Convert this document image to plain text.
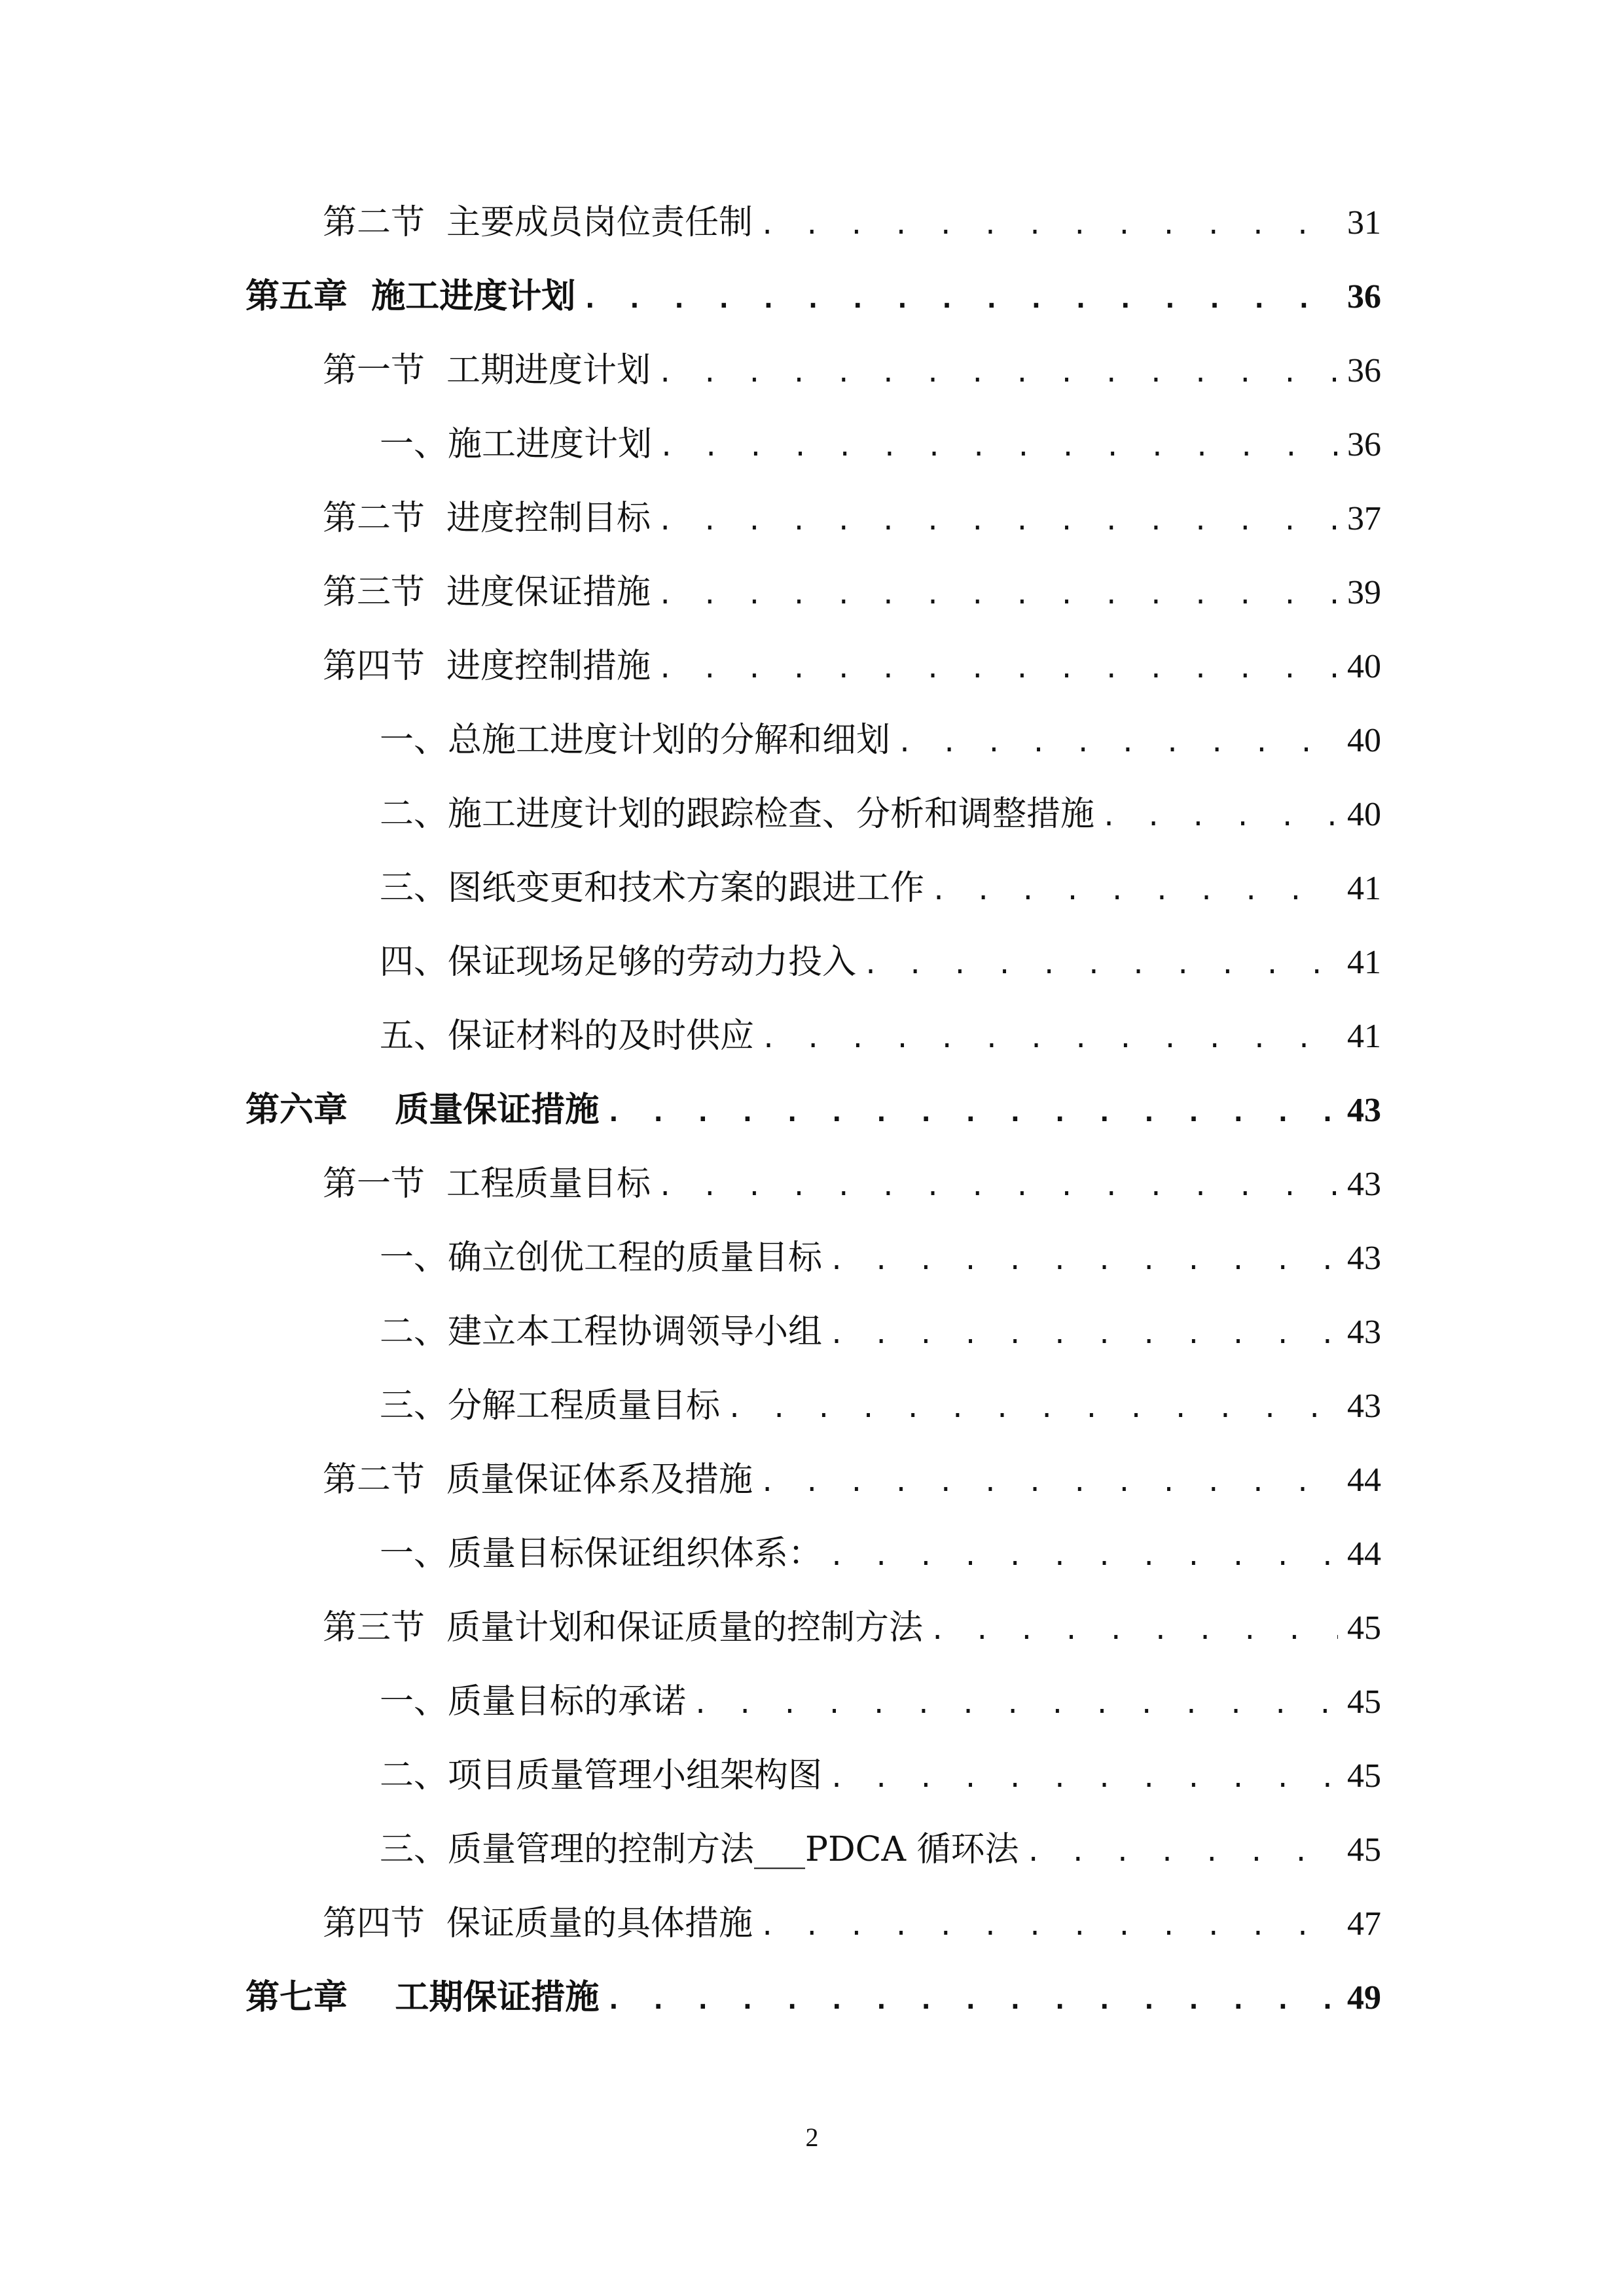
第二节  主要成员岗位责任制 . . .	31
第五章  施工进度计划 . . .	36
第一节  工期进度计划 . . .	36
一、施工进度计划 . . .	36
第二节  进度控制目标 . . .	37
第三节  进度保证措施 . . .	39
第四节  进度控制措施 . . .	40
一、总施工进度计划的分解和细划 . . .	40
二、施工进度计划的跟踪检查、分析和调整措施 . . .	40
三、图纸变更和技术方案的跟进工作 . . .	41
四、保证现场足够的劳动力投入 . . .	41
五、保证材料的及时供应 . . .	41
第六章    质量保证措施 . . .	43
第一节  工程质量目标 . . .	43
一、确立创优工程的质量目标 . . .	43
二、建立本工程协调领导小组 . . .	43
三、分解工程质量目标 . . .	43
第二节  质量保证体系及措施 . . .	44
一、质量目标保证组织体系： . . .	44
第三节  质量计划和保证质量的控制方法 . . .	45
一、质量目标的承诺 . . .	45
二、项目质量管理小组架构图 . . .	45
三、质量管理的控制方法___PDCA 循环法 . . .	45
第四节  保证质量的具体措施 . . .	47
第七章    工期保证措施 . . .	49
2
